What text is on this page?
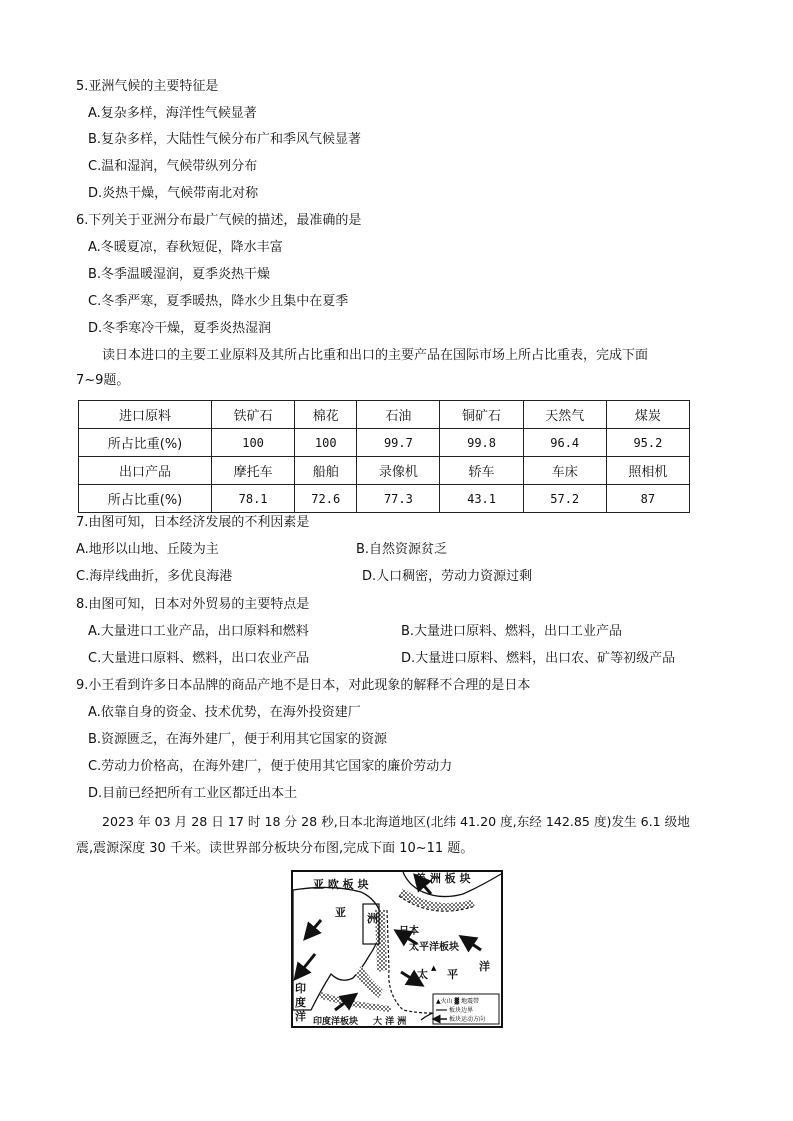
5.亚洲气候的主要特征是
A.复杂多样，海洋性气候显著
B.复杂多样，大陆性气候分布广和季风气候显著
C.温和湿润，气候带纵列分布
D.炎热干燥，气候带南北对称
6.下列关于亚洲分布最广气候的描述，最准确的是
A.冬暖夏凉，春秋短促，降水丰富
B.冬季温暖湿润，夏季炎热干燥
C.冬季严寒，夏季暖热，降水少且集中在夏季
D.冬季寒冷干燥，夏季炎热湿润
读日本进口的主要工业原料及其所占比重和出口的主要产品在国际市场上所占比重表，完成下面
7~9题。
进口原料	铁矿石	棉花	石油	铜矿石	天然气	煤炭
所占比重(%)	100	100	99.7	99.8	96.4	95.2
出口产品	摩托车	船舶	录像机	轿车	车床	照相机
所占比重(%)	78.1	72.6	77.3	43.1	57.2	87
7.由图可知，日本经济发展的不利因素是
A.地形以山地、丘陵为主	B.自然资源贫乏
C.海岸线曲折，多优良海港	D.人口稠密，劳动力资源过剩
8.由图可知，日本对外贸易的主要特点是
A.大量进口工业产品，出口原料和燃料	B.大量进口原料、燃料，出口工业产品
C.大量进口原料、燃料，出口农业产品	D.大量进口原料、燃料，出口农、矿等初级产品
9.小王看到许多日本品牌的商品产地不是日本，对此现象的解释不合理的是日本
A.依靠自身的资金、技术优势，在海外投资建厂
B.资源匮乏，在海外建厂，便于利用其它国家的资源
C.劳动力价格高，在海外建厂，便于使用其它国家的廉价劳动力
D.目前已经把所有工业区都迁出本土
2023 年 03 月 28 日 17 时 18 分 28 秒,日本北海道地区(北纬 41.20 度,东经 142.85 度)发生 6.1 级地
震,震源深度 30 千米。读世界部分板块分布图,完成下面 10~11 题。
▲
亚 欧 板 块
亚 洲
美 洲 板 块
日本
太平洋板块
太 平
洋
印
度
洋 印度洋板块 大 洋 洲
▲火山 ▓ 地震带
板块边界
板块运动方向
